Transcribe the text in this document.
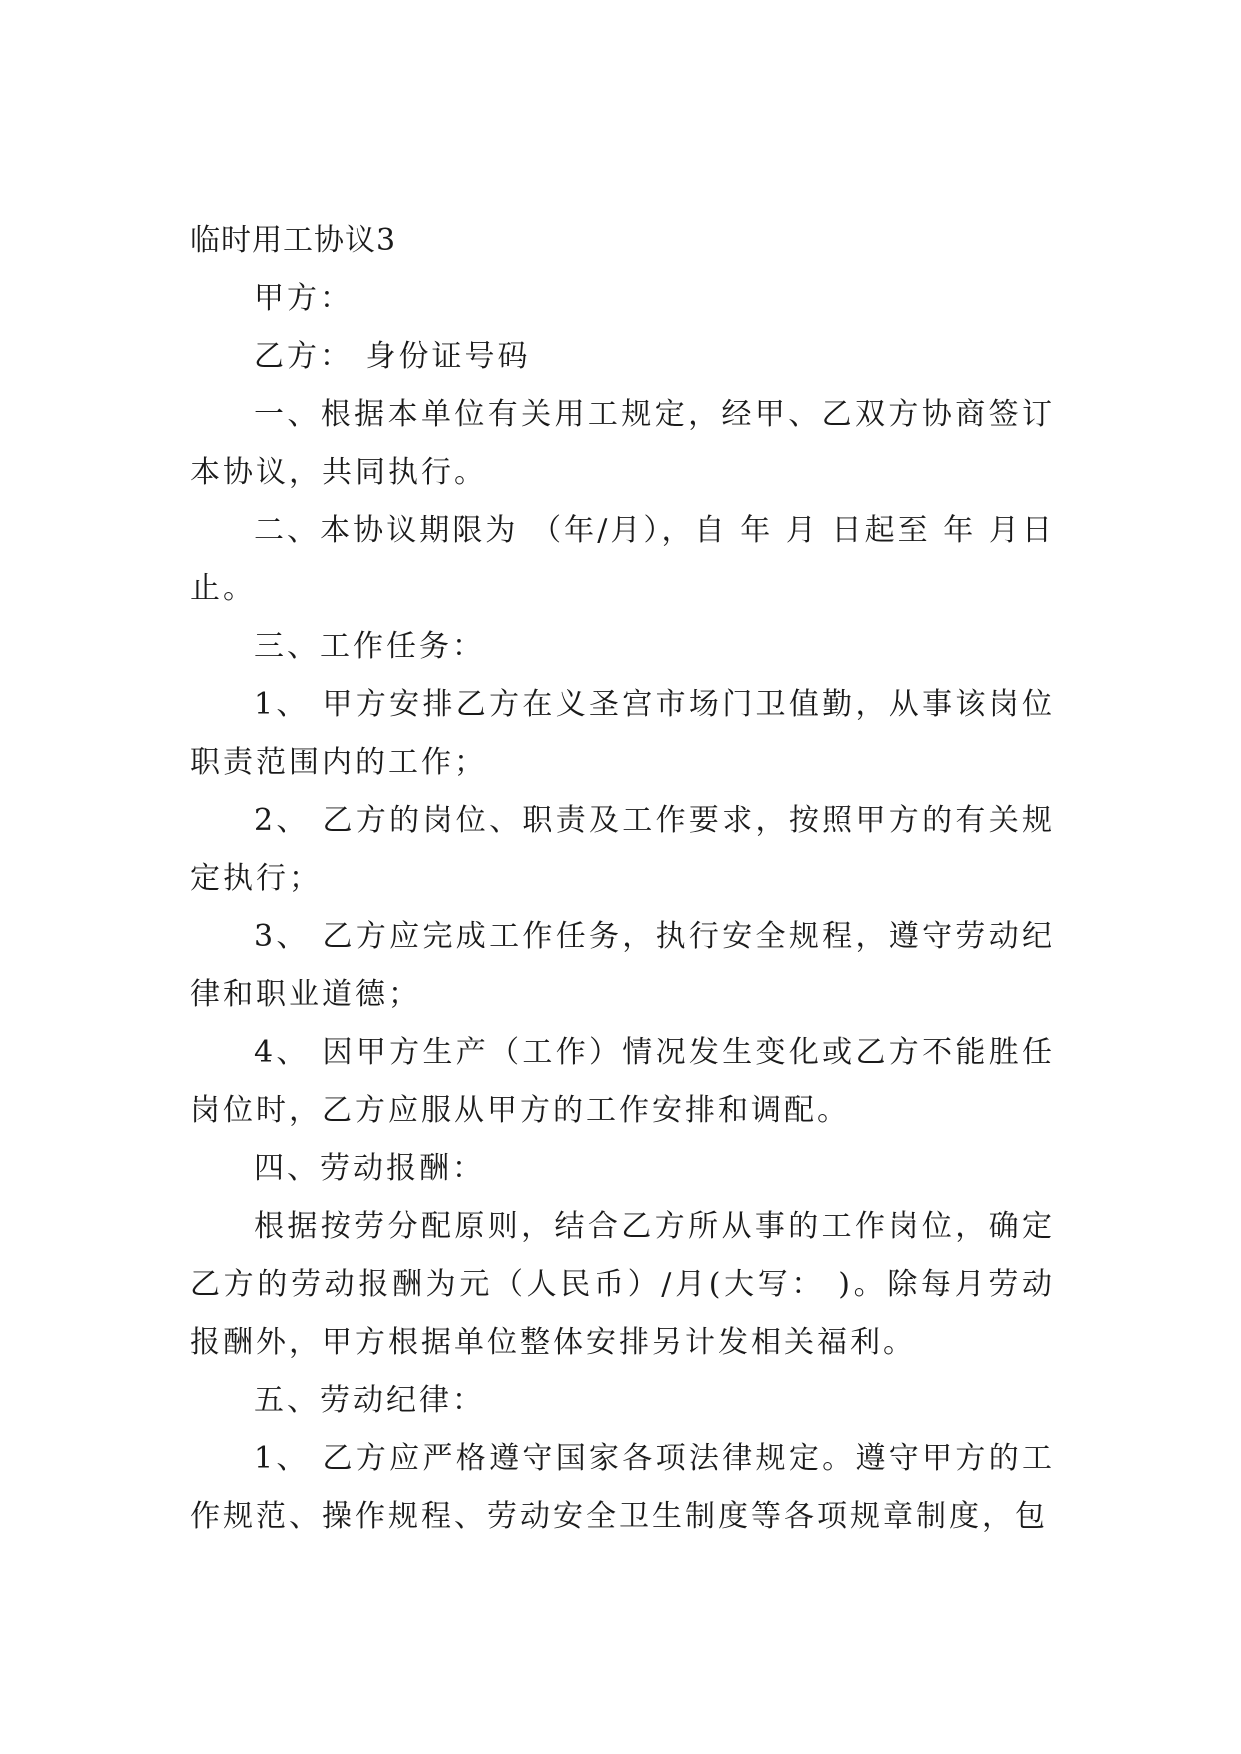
临时用工协议3

甲方：

乙方： 身份证号码

一、根据本单位有关用工规定，经甲、乙双方协商签订本协议，共同执行。

二、本协议期限为 （年/月），自 年 月 日起至 年 月日止。

三、工作任务：

1、 甲方安排乙方在义圣宫市场门卫值勤，从事该岗位职责范围内的工作；

2、 乙方的岗位、职责及工作要求，按照甲方的有关规定执行；

3、 乙方应完成工作任务，执行安全规程，遵守劳动纪律和职业道德；

4、 因甲方生产（工作）情况发生变化或乙方不能胜任岗位时，乙方应服从甲方的工作安排和调配。

四、劳动报酬：

根据按劳分配原则，结合乙方所从事的工作岗位，确定乙方的劳动报酬为元（人民币）/月(大写： )。除每月劳动报酬外，甲方根据单位整体安排另计发相关福利。

五、劳动纪律：

1、 乙方应严格遵守国家各项法律规定。遵守甲方的工作规范、操作规程、劳动安全卫生制度等各项规章制度，包
